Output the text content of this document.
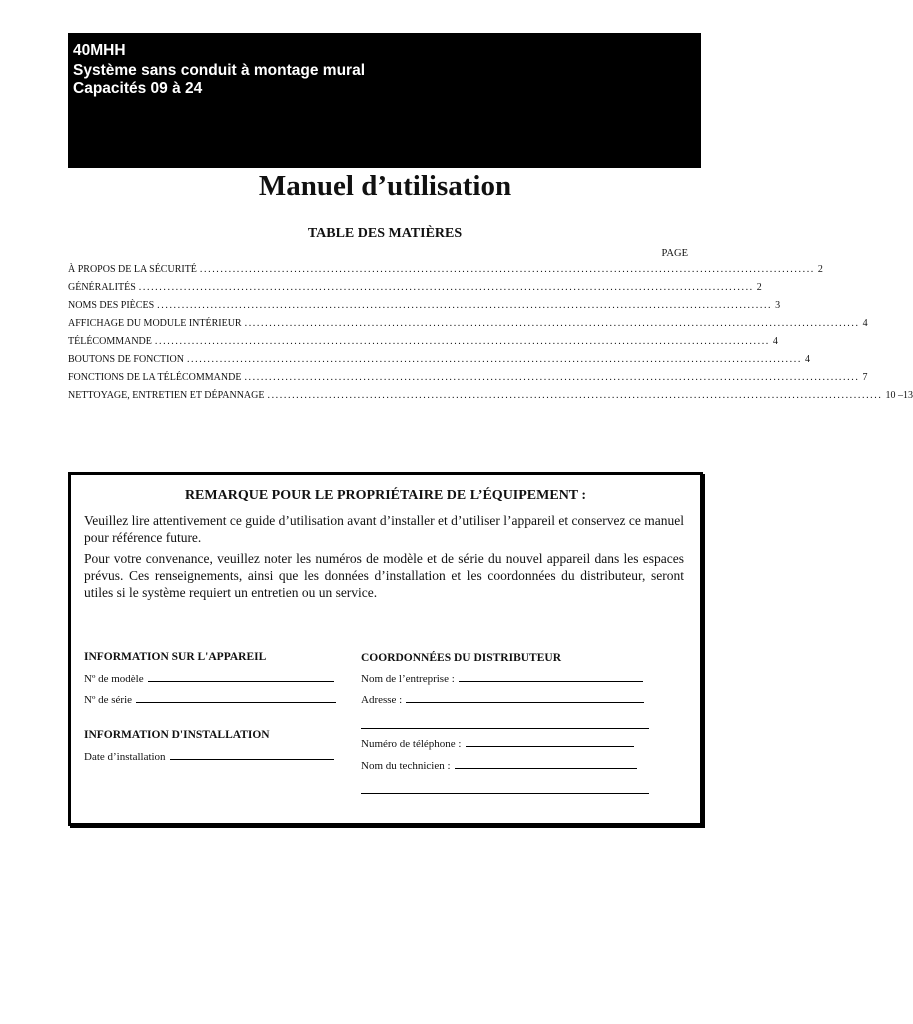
40MHH
Système sans conduit à montage mural
Capacités 09 à 24
Manuel d’utilisation
TABLE DES MATIÈRES
PAGE
À PROPOS DE LA SÉCURITÉ ...................................................................................................................................................... 2
GÉNÉRALITÉS ...................................................................................................................................................... 2
NOMS DES PIÈCES ...................................................................................................................................................... 3
AFFICHAGE DU MODULE INTÉRIEUR ...................................................................................................................................................... 4
TÉLÉCOMMANDE ...................................................................................................................................................... 4
BOUTONS DE FONCTION ...................................................................................................................................................... 4
FONCTIONS DE LA TÉLÉCOMMANDE ...................................................................................................................................................... 7
NETTOYAGE, ENTRETIEN ET DÉPANNAGE ...................................................................................................................................................... 10 –13
REMARQUE POUR LE PROPRIÉTAIRE DE L’ÉQUIPEMENT :
Veuillez lire attentivement ce guide d’utilisation avant d’installer et d’utiliser l’appareil et conservez ce manuel pour référence future.
Pour votre convenance, veuillez noter les numéros de modèle et de série du nouvel appareil dans les espaces prévus. Ces renseignements, ainsi que les données d’installation et les coordonnées du distributeur, seront utiles si le système requiert un entretien ou un service.
INFORMATION SUR L'APPAREIL
Nº de modèle
Nº de série
INFORMATION D'INSTALLATION
Date d’installation
COORDONNÉES DU DISTRIBUTEUR
Nom de l’entreprise :
Adresse :
Numéro de téléphone :
Nom du technicien :
